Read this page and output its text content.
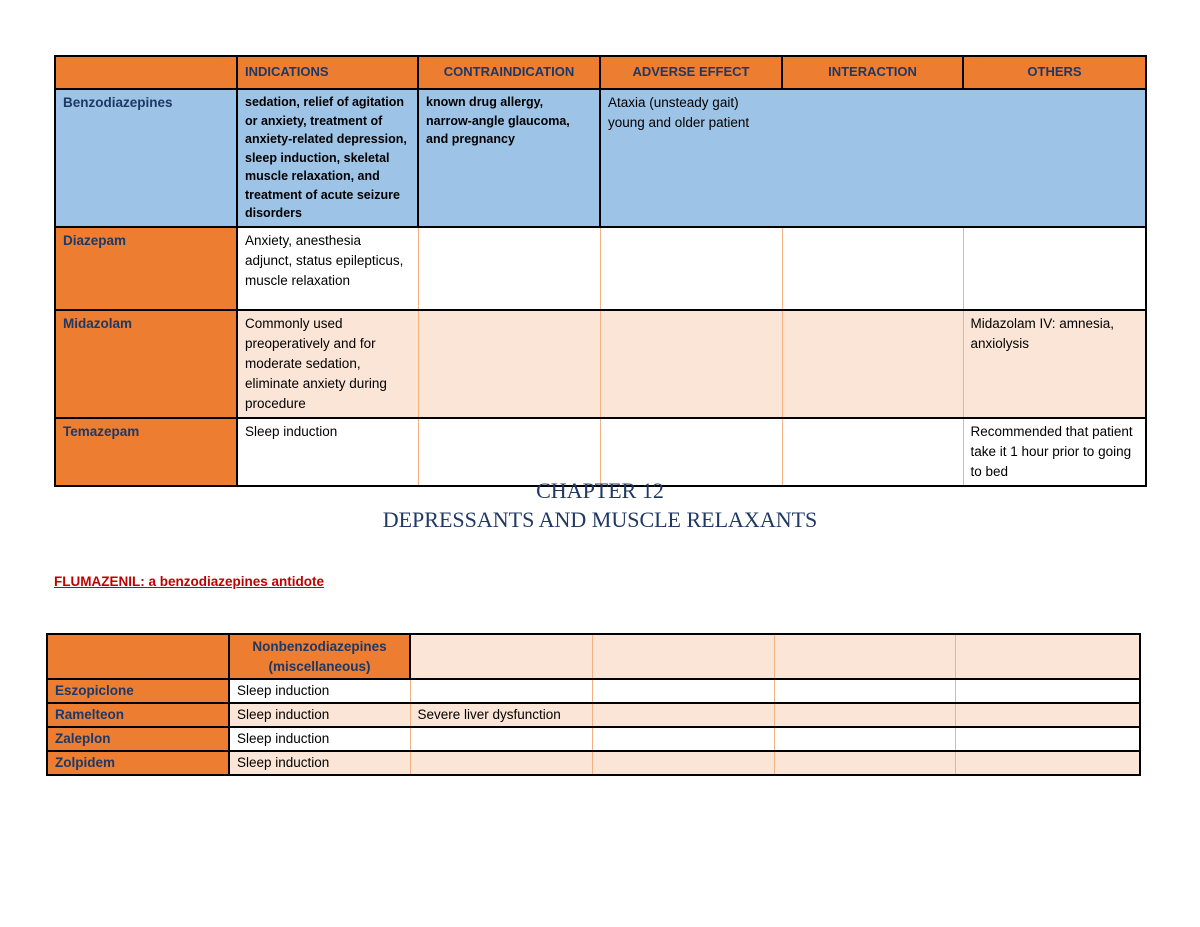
	INDICATIONS	CONTRAINDICATION	ADVERSE EFFECT	INTERACTION	OTHERS
Benzodiazepines	sedation, relief of agitation or anxiety, treatment of anxiety-related depression, sleep induction, skeletal muscle relaxation, and treatment of acute seizure disorders	known drug allergy, narrow-angle glaucoma, and pregnancy	Ataxia (unsteady gait) young and older patient		
Diazepam	Anxiety, anesthesia adjunct, status epilepticus, muscle relaxation				
Midazolam	Commonly used preoperatively and for moderate sedation, eliminate anxiety during procedure				Midazolam IV: amnesia, anxiolysis
Temazepam	Sleep induction				Recommended that patient take it 1 hour prior to going to bed
CHAPTER 12
DEPRESSANTS AND MUSCLE RELAXANTS
FLUMAZENIL: a benzodiazepines antidote
	Nonbenzodiazepines (miscellaneous)				
Eszopiclone	Sleep induction				
Ramelteon	Sleep induction	Severe liver dysfunction			
Zaleplon	Sleep induction				
Zolpidem	Sleep induction				
